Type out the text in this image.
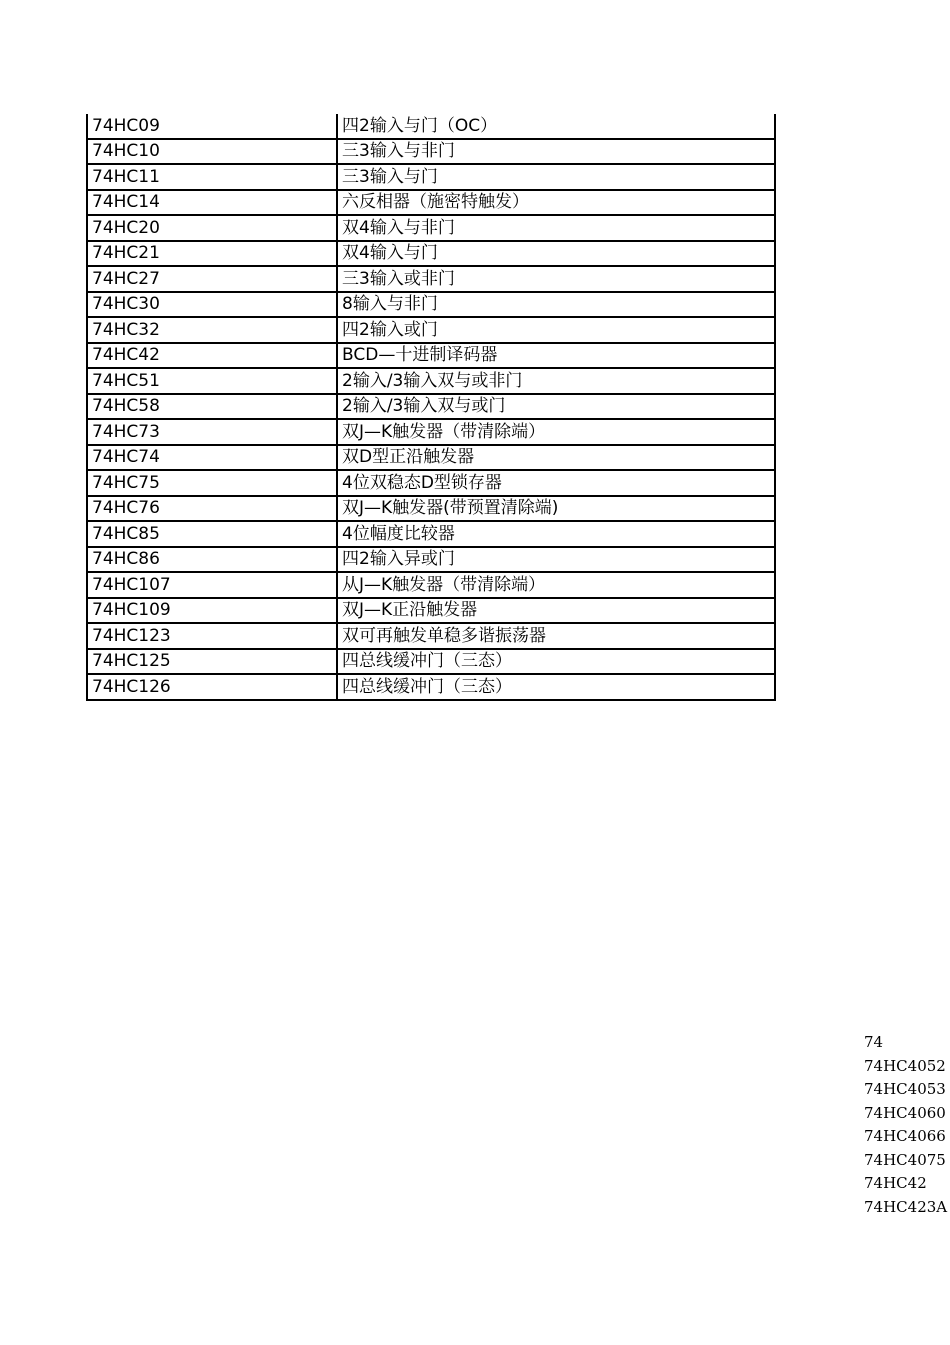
74HC09	四2输入与门（OC）
74HC10	三3输入与非门
74HC11	三3输入与门
74HC14	六反相器（施密特触发）
74HC20	双4输入与非门
74HC21	双4输入与门
74HC27	三3输入或非门
74HC30	8输入与非门
74HC32	四2输入或门
74HC42	BCD—十进制译码器
74HC51	2输入/3输入双与或非门
74HC58	2输入/3输入双与或门
74HC73	双J—K触发器（带清除端）
74HC74	双D型正沿触发器
74HC75	4位双稳态D型锁存器
74HC76	双J—K触发器(带预置清除端)
74HC85	4位幅度比较器
74HC86	四2输入异或门
74HC107	从J—K触发器（带清除端）
74HC109	双J—K正沿触发器
74HC123	双可再触发单稳多谐振荡器
74HC125	四总线缓冲门（三态）
74HC126	四总线缓冲门（三态）
74
74HC4052
74HC4053
74HC4060
74HC4066
74HC4075
74HC42
74HC423A
